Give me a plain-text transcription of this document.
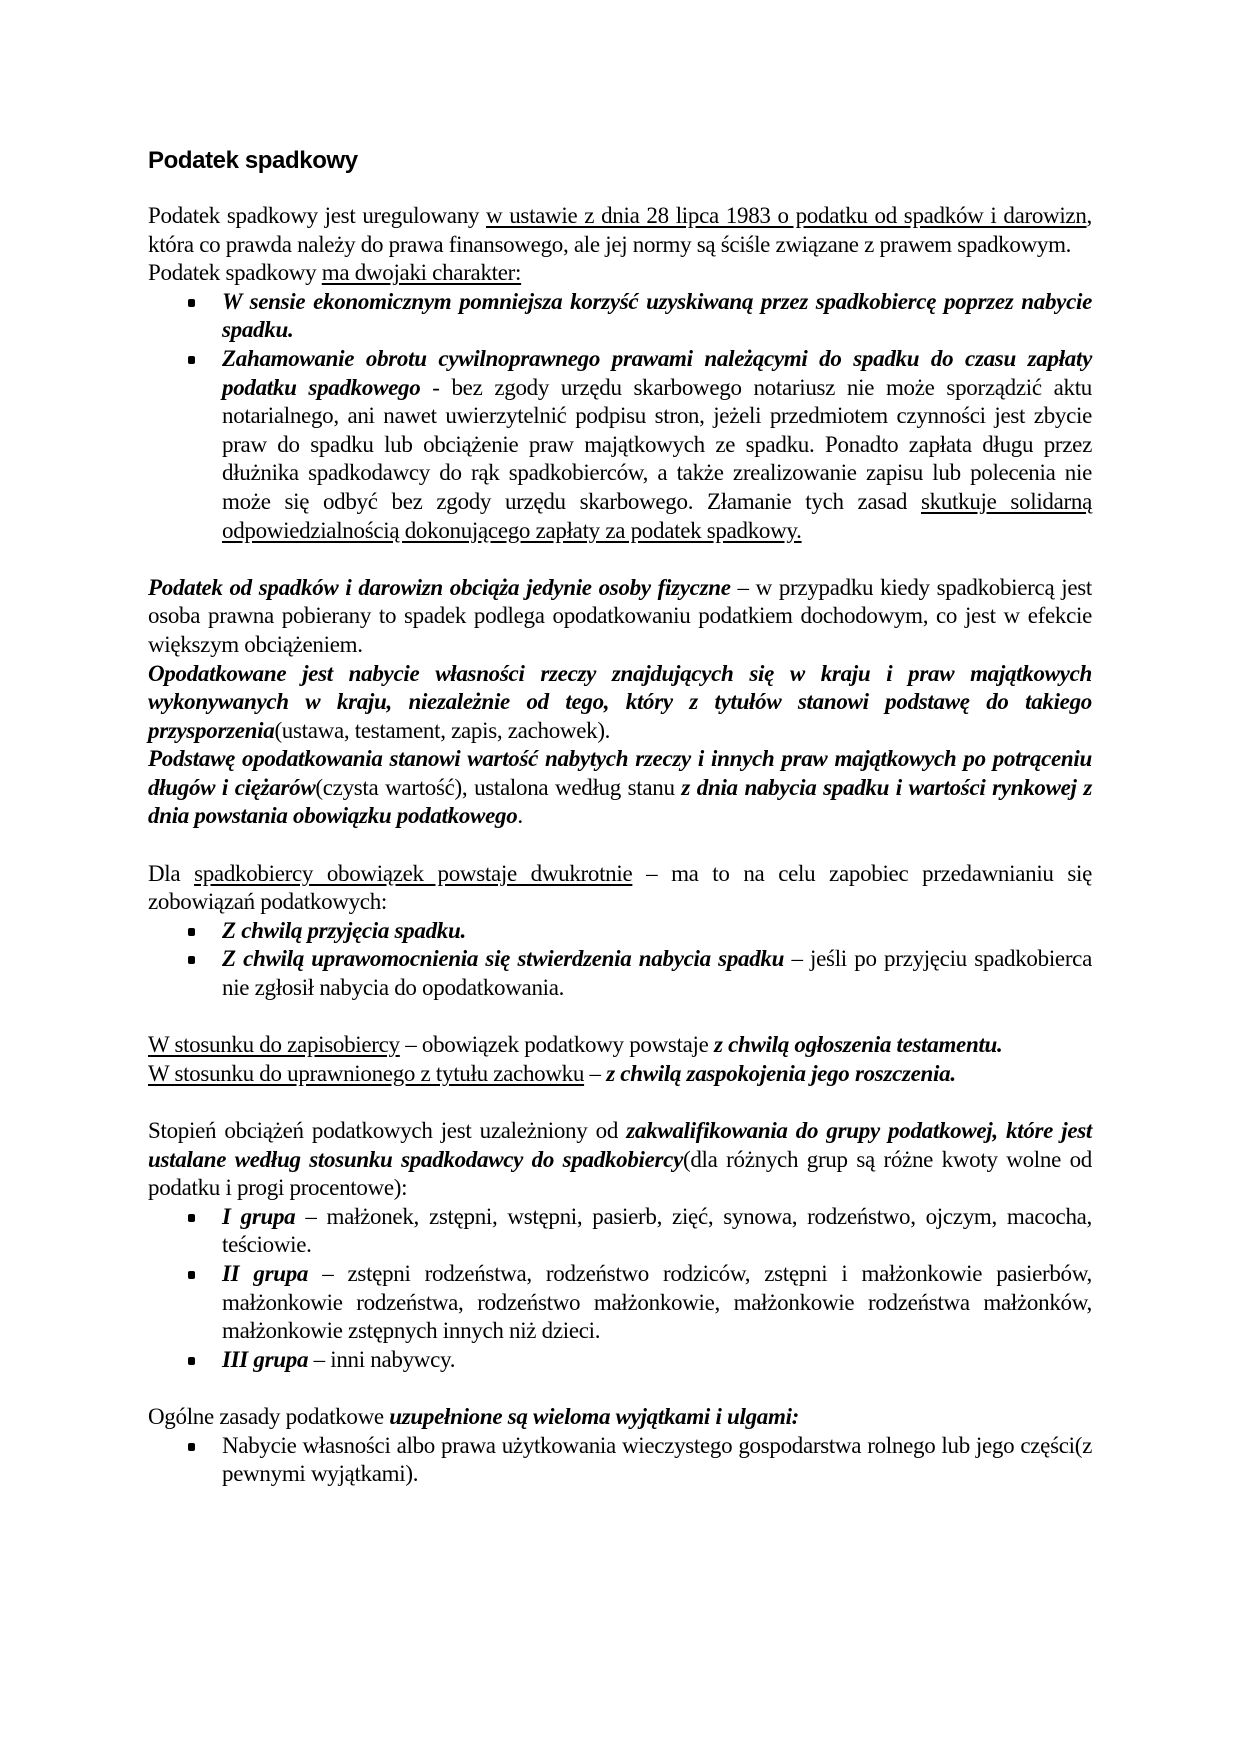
Podatek spadkowy

Podatek spadkowy jest uregulowany w ustawie z dnia 28 lipca 1983 o podatku od spadków i darowizn, która co prawda należy do prawa finansowego, ale jej normy są ściśle związane z prawem spadkowym.

Podatek spadkowy ma dwojaki charakter:

W sensie ekonomicznym pomniejsza korzyść uzyskiwaną przez spadkobiercę poprzez nabycie spadku.
Zahamowanie obrotu cywilnoprawnego prawami należącymi do spadku do czasu zapłaty podatku spadkowego - bez zgody urzędu skarbowego notariusz nie może sporządzić aktu notarialnego, ani nawet uwierzytelnić podpisu stron, jeżeli przedmiotem czynności jest zbycie praw do spadku lub obciążenie praw majątkowych ze spadku. Ponadto zapłata długu przez dłużnika spadkodawcy do rąk spadkobierców, a także zrealizowanie zapisu lub polecenia nie może się odbyć bez zgody urzędu skarbowego. Złamanie tych zasad skutkuje solidarną odpowiedzialnością dokonującego zapłaty za podatek spadkowy.

Podatek od spadków i darowizn obciąża jedynie osoby fizyczne – w przypadku kiedy spadkobiercą jest osoba prawna pobierany to spadek podlega opodatkowaniu podatkiem dochodowym, co jest w efekcie większym obciążeniem.

Opodatkowane jest nabycie własności rzeczy znajdujących się w kraju i praw majątkowych wykonywanych w kraju, niezależnie od tego, który z tytułów stanowi podstawę do takiego przysporzenia(ustawa, testament, zapis, zachowek).

Podstawę opodatkowania stanowi wartość nabytych rzeczy i innych praw majątkowych po potrąceniu długów i ciężarów(czysta wartość), ustalona według stanu z dnia nabycia spadku i wartości rynkowej z dnia powstania obowiązku podatkowego.

Dla spadkobiercy obowiązek powstaje dwukrotnie – ma to na celu zapobiec przedawnianiu się zobowiązań podatkowych:

Z chwilą przyjęcia spadku.
Z chwilą uprawomocnienia się stwierdzenia nabycia spadku – jeśli po przyjęciu spadkobierca nie zgłosił nabycia do opodatkowania.

W stosunku do zapisobiercy – obowiązek podatkowy powstaje z chwilą ogłoszenia testamentu.

W stosunku do uprawnionego z tytułu zachowku – z chwilą zaspokojenia jego roszczenia.

Stopień obciążeń podatkowych jest uzależniony od zakwalifikowania do grupy podatkowej, które jest ustalane według stosunku spadkodawcy do spadkobiercy(dla różnych grup są różne kwoty wolne od podatku i progi procentowe):

I grupa – małżonek, zstępni, wstępni, pasierb, zięć, synowa, rodzeństwo, ojczym, macocha, teściowie.
II grupa – zstępni rodzeństwa, rodzeństwo rodziców, zstępni i małżonkowie pasierbów, małżonkowie rodzeństwa, rodzeństwo małżonkowie, małżonkowie rodzeństwa małżonków, małżonkowie zstępnych innych niż dzieci.
III grupa – inni nabywcy.

Ogólne zasady podatkowe uzupełnione są wieloma wyjątkami i ulgami:

Nabycie własności albo prawa użytkowania wieczystego gospodarstwa rolnego lub jego części(z pewnymi wyjątkami).
